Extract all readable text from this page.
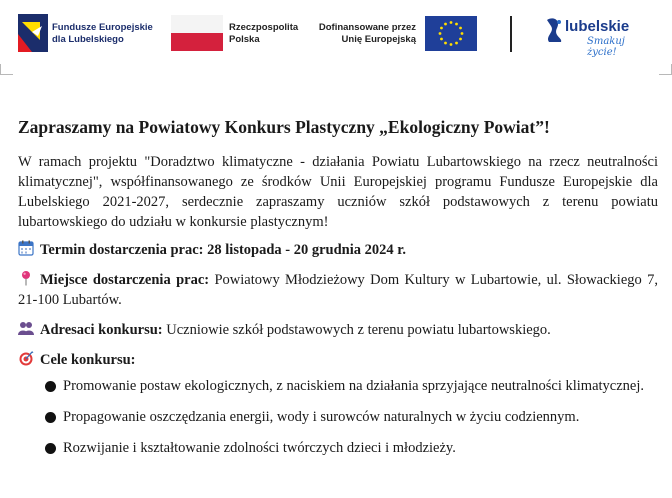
Fundusze Europejskie
dla Lubelskiego
Rzeczpospolita
Polska
Dofinansowane przez
Unię Europejską
lubelskie
Smakuj życie!
Zapraszamy na Powiatowy Konkurs Plastyczny „Ekologiczny Powiat”!

W ramach projektu "Doradztwo klimatyczne - działania Powiatu Lubartowskiego na rzecz neutralności klimatycznej", współfinansowanego ze środków Unii Europejskiej programu Fundusze Europejskie dla Lubelskiego 2021-2027, serdecznie zapraszamy uczniów szkół podstawowych z terenu powiatu lubartowskiego do udziału w konkursie plastycznym!

Termin dostarczenia prac: 28 listopada - 20 grudnia 2024 r.

Miejsce dostarczenia prac: Powiatowy Młodzieżowy Dom Kultury w Lubartowie, ul. Słowackiego 7, 21-100 Lubartów.

Adresaci konkursu: Uczniowie szkół podstawowych z terenu powiatu lubartowskiego.

Cele konkursu:

Promowanie postaw ekologicznych, z naciskiem na działania sprzyjające neutralności klimatycznej.
Propagowanie oszczędzania energii, wody i surowców naturalnych w życiu codziennym.
Rozwijanie i kształtowanie zdolności twórczych dzieci i młodzieży.
